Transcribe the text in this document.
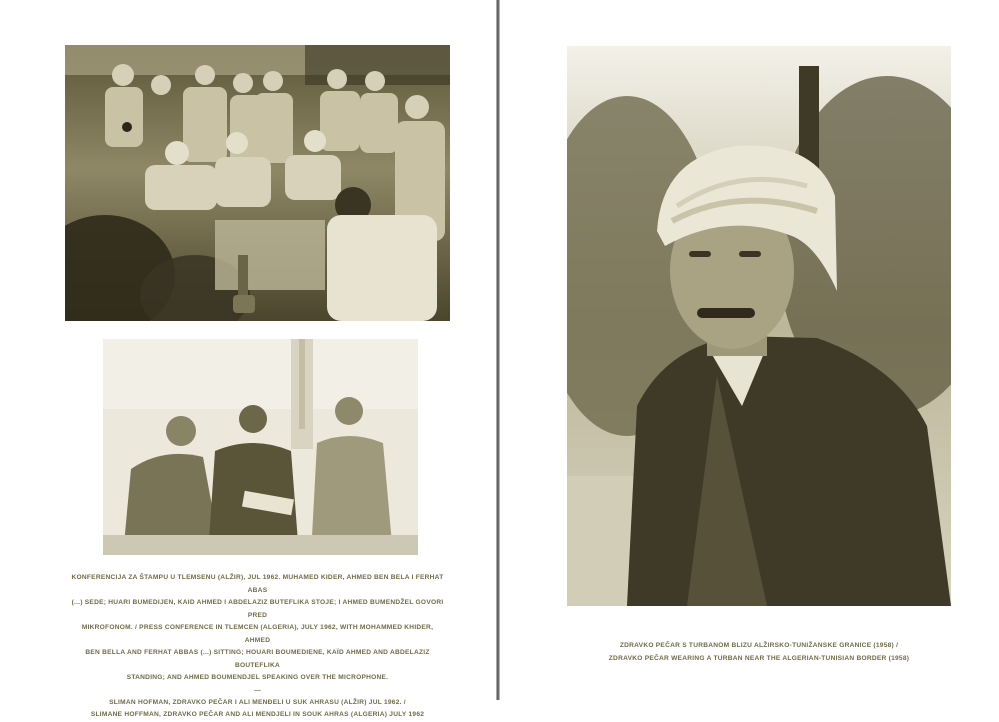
KONFERENCIJA ZA ŠTAMPU U TLEMSENU (ALŽIR), JUL 1962. MUHAMED KIDER, AHMED BEN BELA I FERHAT ABAS

(...) SEDE; HUARI BUMEDIJEN, KAID AHMED I ABDELAZIZ BUTEFLIKA STOJE; I AHMED BUMENDŽEL GOVORI PRED

MIKROFONOM. / PRESS CONFERENCE IN TLEMCEN (ALGERIA), JULY 1962, WITH MOHAMMED KHIDER, AHMED

BEN BELLA AND FERHAT ABBAS (...) SITTING; HOUARI BOUMEDIENE, KAÏD AHMED AND ABDELAZIZ BOUTEFLIKA

STANDING; AND AHMED BOUMENDJEL SPEAKING OVER THE MICROPHONE.

—

SLIMAN HOFMAN, ZDRAVKO PEČAR I ALI MENĐELI U SUK AHRASU (ALŽIR) JUL 1962. /

SLIMANE HOFFMAN, ZDRAVKO PEČAR AND ALI MENDJELI IN SOUK AHRAS (ALGERIA) JULY 1962

ZDRAVKO PEČAR S TURBANOM BLIZU ALŽIRSKO-TUNIŽANSKE GRANICE (1958) /

ZDRAVKO PEČAR WEARING A TURBAN NEAR THE ALGERIAN-TUNISIAN BORDER (1958)
